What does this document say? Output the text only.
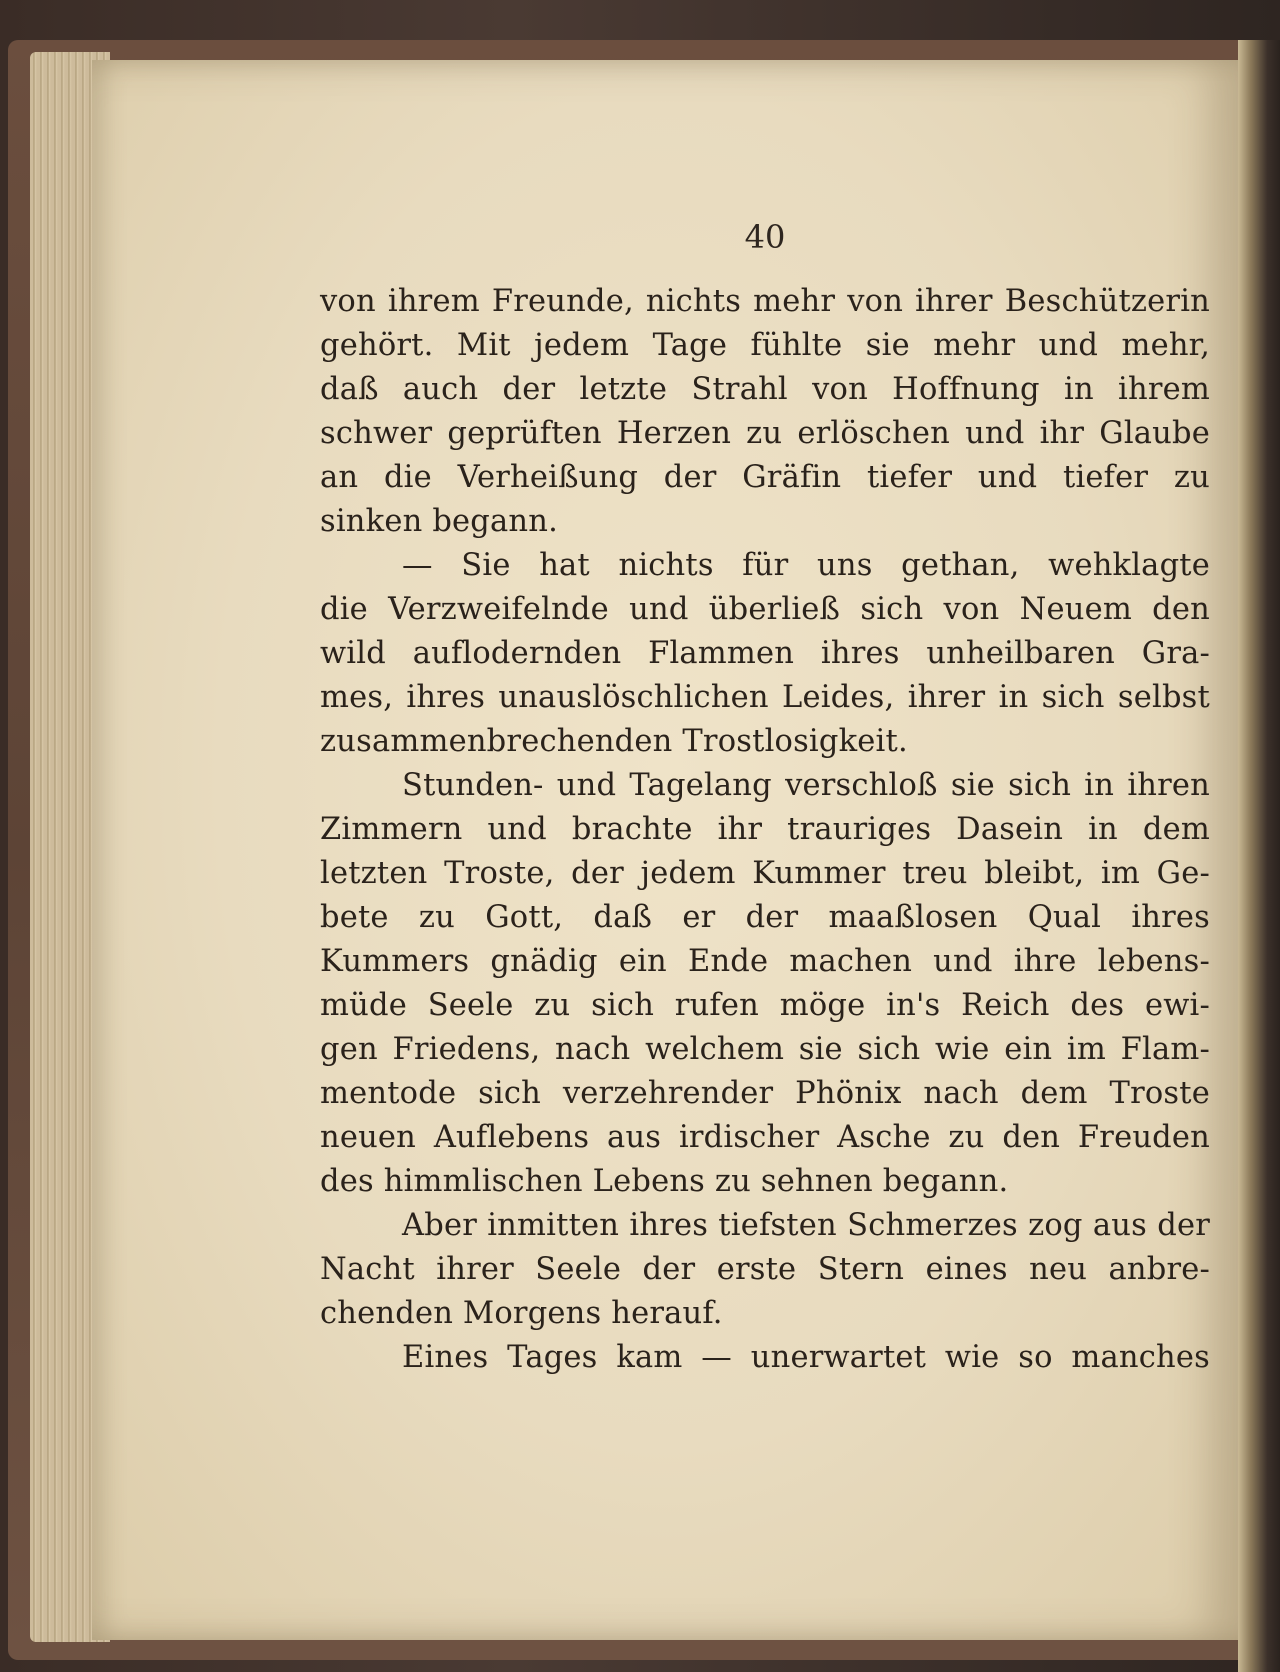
40
von ihrem Freunde, nichts mehr von ihrer Beschützerin
gehört. Mit jedem Tage fühlte sie mehr und mehr,
daß auch der letzte Strahl von Hoffnung in ihrem
schwer geprüften Herzen zu erlöschen und ihr Glaube
an die Verheißung der Gräfin tiefer und tiefer zu
sinken begann.
— Sie hat nichts für uns gethan, wehklagte
die Verzweifelnde und überließ sich von Neuem den
wild auflodernden Flammen ihres unheilbaren Gra-
mes, ihres unauslöschlichen Leides, ihrer in sich selbst
zusammenbrechenden Trostlosigkeit.
Stunden- und Tagelang verschloß sie sich in ihren
Zimmern und brachte ihr trauriges Dasein in dem
letzten Troste, der jedem Kummer treu bleibt, im Ge-
bete zu Gott, daß er der maaßlosen Qual ihres
Kummers gnädig ein Ende machen und ihre lebens-
müde Seele zu sich rufen möge in's Reich des ewi-
gen Friedens, nach welchem sie sich wie ein im Flam-
mentode sich verzehrender Phönix nach dem Troste
neuen Auflebens aus irdischer Asche zu den Freuden
des himmlischen Lebens zu sehnen begann.
Aber inmitten ihres tiefsten Schmerzes zog aus der
Nacht ihrer Seele der erste Stern eines neu anbre-
chenden Morgens herauf.
Eines Tages kam — unerwartet wie so manches
